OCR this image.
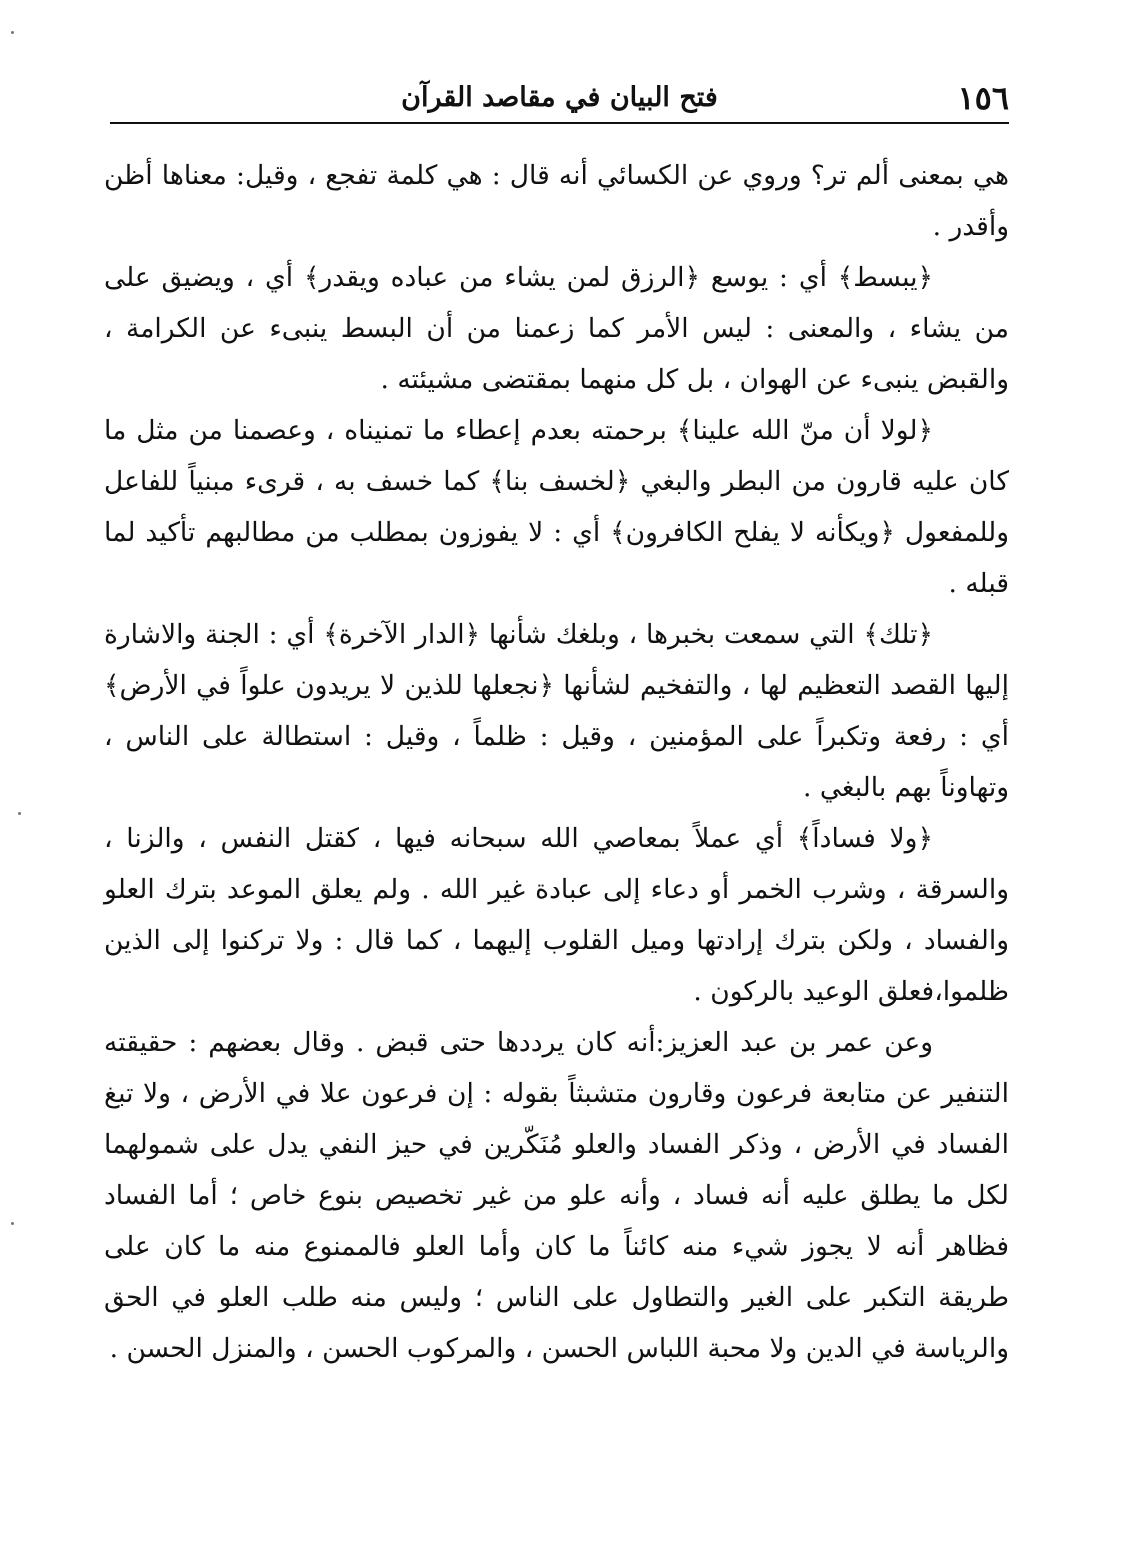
١٥٦
فتح البيان في مقاصد القرآن

هي بمعنى ألم تر؟ وروي عن الكسائي أنه قال : هي كلمة تفجع ، وقيل: معناها أظن وأقدر .

﴿يبسط﴾ أي : يوسع ﴿الرزق لمن يشاء من عباده ويقدر﴾ أي ، ويضيق على من يشاء ، والمعنى : ليس الأمر كما زعمنا من أن البسط ينبىء عن الكرامة ، والقبض ينبىء عن الهوان ، بل كل منهما بمقتضى مشيئته .

﴿لولا أن منّ الله علينا﴾ برحمته بعدم إعطاء ما تمنيناه ، وعصمنا من مثل ما كان عليه قارون من البطر والبغي ﴿لخسف بنا﴾ كما خسف به ، قرىء مبنياً للفاعل وللمفعول ﴿ويكأنه لا يفلح الكافرون﴾ أي : لا يفوزون بمطلب من مطالبهم تأكيد لما قبله .

﴿تلك﴾ التي سمعت بخبرها ، وبلغك شأنها ﴿الدار الآخرة﴾ أي : الجنة والاشارة إليها القصد التعظيم لها ، والتفخيم لشأنها ﴿نجعلها للذين لا يريدون علواً في الأرض﴾ أي : رفعة وتكبراً على المؤمنين ، وقيل : ظلماً ، وقيل : استطالة على الناس ، وتهاوناً بهم بالبغي .

﴿ولا فساداً﴾ أي عملاً بمعاصي الله سبحانه فيها ، كقتل النفس ، والزنا ، والسرقة ، وشرب الخمر أو دعاء إلى عبادة غير الله . ولم يعلق الموعد بترك العلو والفساد ، ولكن بترك إرادتها وميل القلوب إليهما ، كما قال : ولا تركنوا إلى الذين ظلموا،فعلق الوعيد بالركون .

وعن عمر بن عبد العزيز:أنه كان يرددها حتى قبض . وقال بعضهم : حقيقته التنفير عن متابعة فرعون وقارون متشبثاً بقوله : إن فرعون علا في الأرض ، ولا تبغ الفساد في الأرض ، وذكر الفساد والعلو مُنَكّرين في حيز النفي يدل على شمولهما لكل ما يطلق عليه أنه فساد ، وأنه علو من غير تخصيص بنوع خاص ؛ أما الفساد فظاهر أنه لا يجوز شيء منه كائناً ما كان وأما العلو فالممنوع منه ما كان على طريقة التكبر على الغير والتطاول على الناس ؛ وليس منه طلب العلو في الحق والرياسة في الدين ولا محبة اللباس الحسن ، والمركوب الحسن ، والمنزل الحسن .
